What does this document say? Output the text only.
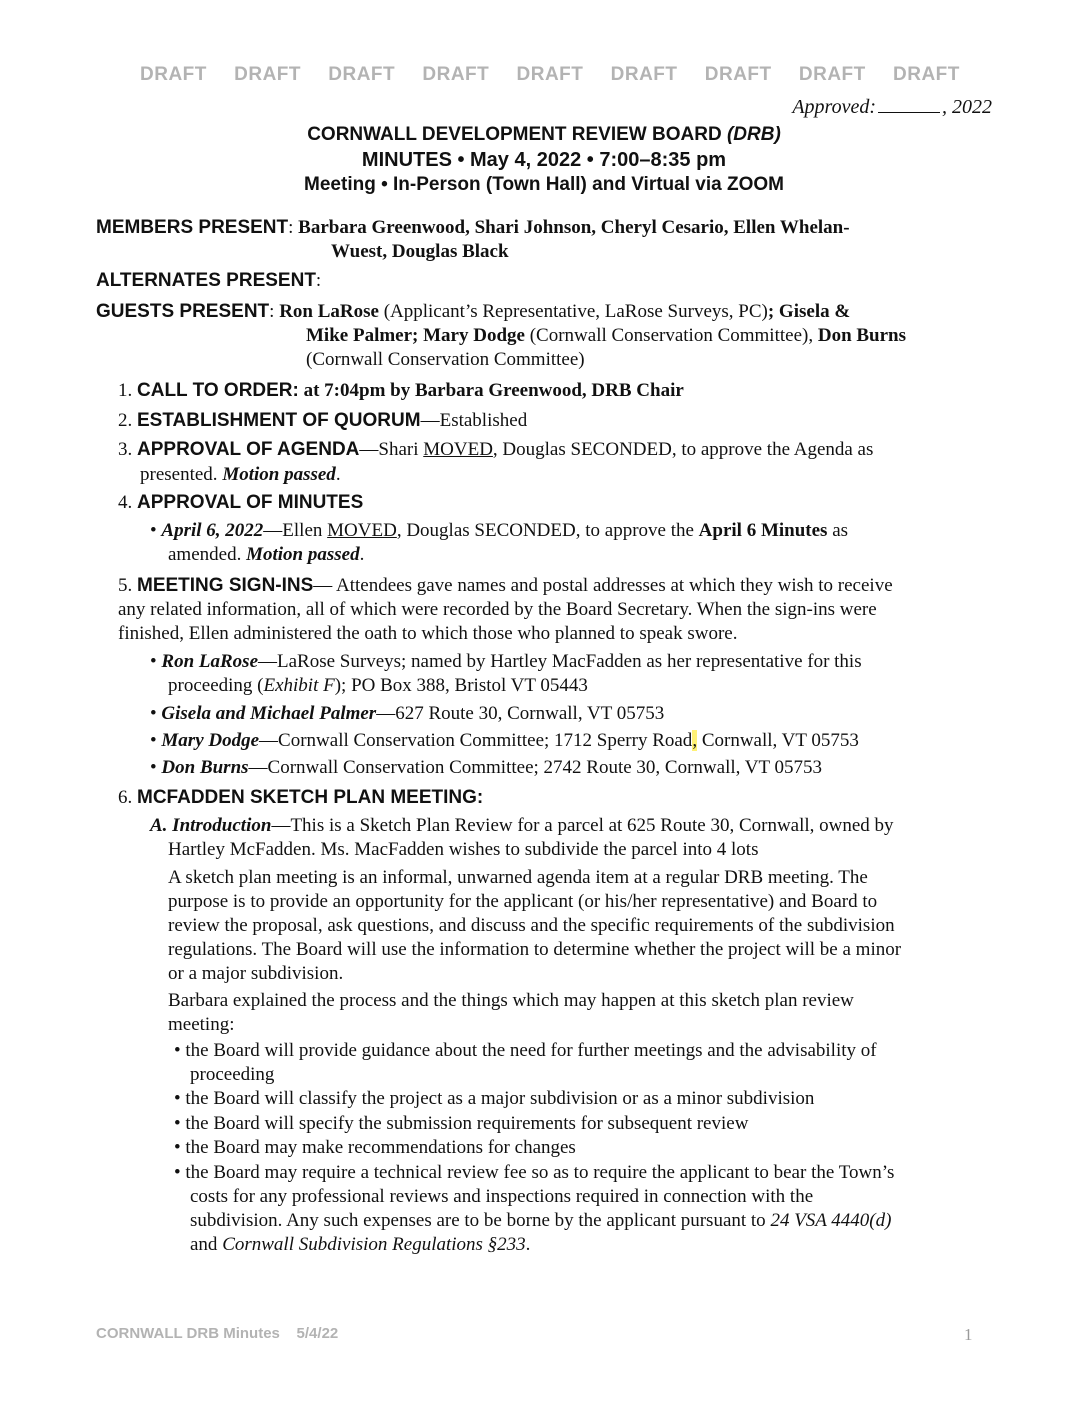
DRAFT DRAFT DRAFT DRAFT DRAFT DRAFT DRAFT DRAFT DRAFT
Approved:	, 2022
CORNWALL DEVELOPMENT REVIEW BOARD (DRB)
MINUTES • May 4, 2022 • 7:00–8:35 pm
Meeting • In-Person (Town Hall) and Virtual via ZOOM
MEMBERS PRESENT: Barbara Greenwood, Shari Johnson, Cheryl Cesario, Ellen Whelan-
Wuest, Douglas Black
ALTERNATES PRESENT:
GUESTS PRESENT: Ron LaRose (Applicant’s Representative, LaRose Surveys, PC); Gisela &
Mike Palmer; Mary Dodge (Cornwall Conservation Committee), Don Burns
(Cornwall Conservation Committee)
1. CALL TO ORDER: at 7:04pm by Barbara Greenwood, DRB Chair
2. ESTABLISHMENT OF QUORUM—Established
3. APPROVAL OF AGENDA—Shari MOVED, Douglas SECONDED, to approve the Agenda as
presented. Motion passed.
4. APPROVAL OF MINUTES
• April 6, 2022—Ellen MOVED, Douglas SECONDED, to approve the April 6 Minutes as
amended. Motion passed.
5. MEETING SIGN-INS— Attendees gave names and postal addresses at which they wish to receive
any related information, all of which were recorded by the Board Secretary. When the sign-ins were
finished, Ellen administered the oath to which those who planned to speak swore.
• Ron LaRose—LaRose Surveys; named by Hartley MacFadden as her representative for this
proceeding (Exhibit F); PO Box 388, Bristol VT 05443
• Gisela and Michael Palmer—627 Route 30, Cornwall, VT 05753
• Mary Dodge—Cornwall Conservation Committee; 1712 Sperry Road, Cornwall, VT 05753
• Don Burns—Cornwall Conservation Committee; 2742 Route 30, Cornwall, VT 05753
6. MCFADDEN SKETCH PLAN MEETING:
A. Introduction—This is a Sketch Plan Review for a parcel at 625 Route 30, Cornwall, owned by
Hartley McFadden. Ms. MacFadden wishes to subdivide the parcel into 4 lots
A sketch plan meeting is an informal, unwarned agenda item at a regular DRB meeting. The
purpose is to provide an opportunity for the applicant (or his/her representative) and Board to
review the proposal, ask questions, and discuss and the specific requirements of the subdivision
regulations. The Board will use the information to determine whether the project will be a minor
or a major subdivision.
Barbara explained the process and the things which may happen at this sketch plan review
meeting:
• the Board will provide guidance about the need for further meetings and the advisability of
proceeding
• the Board will classify the project as a major subdivision or as a minor subdivision
• the Board will specify the submission requirements for subsequent review
• the Board may make recommendations for changes
• the Board may require a technical review fee so as to require the applicant to bear the Town’s
costs for any professional reviews and inspections required in connection with the
subdivision. Any such expenses are to be borne by the applicant pursuant to 24 VSA 4440(d)
and Cornwall Subdivision Regulations §233.
CORNWALL DRB Minutes    5/4/22	1
